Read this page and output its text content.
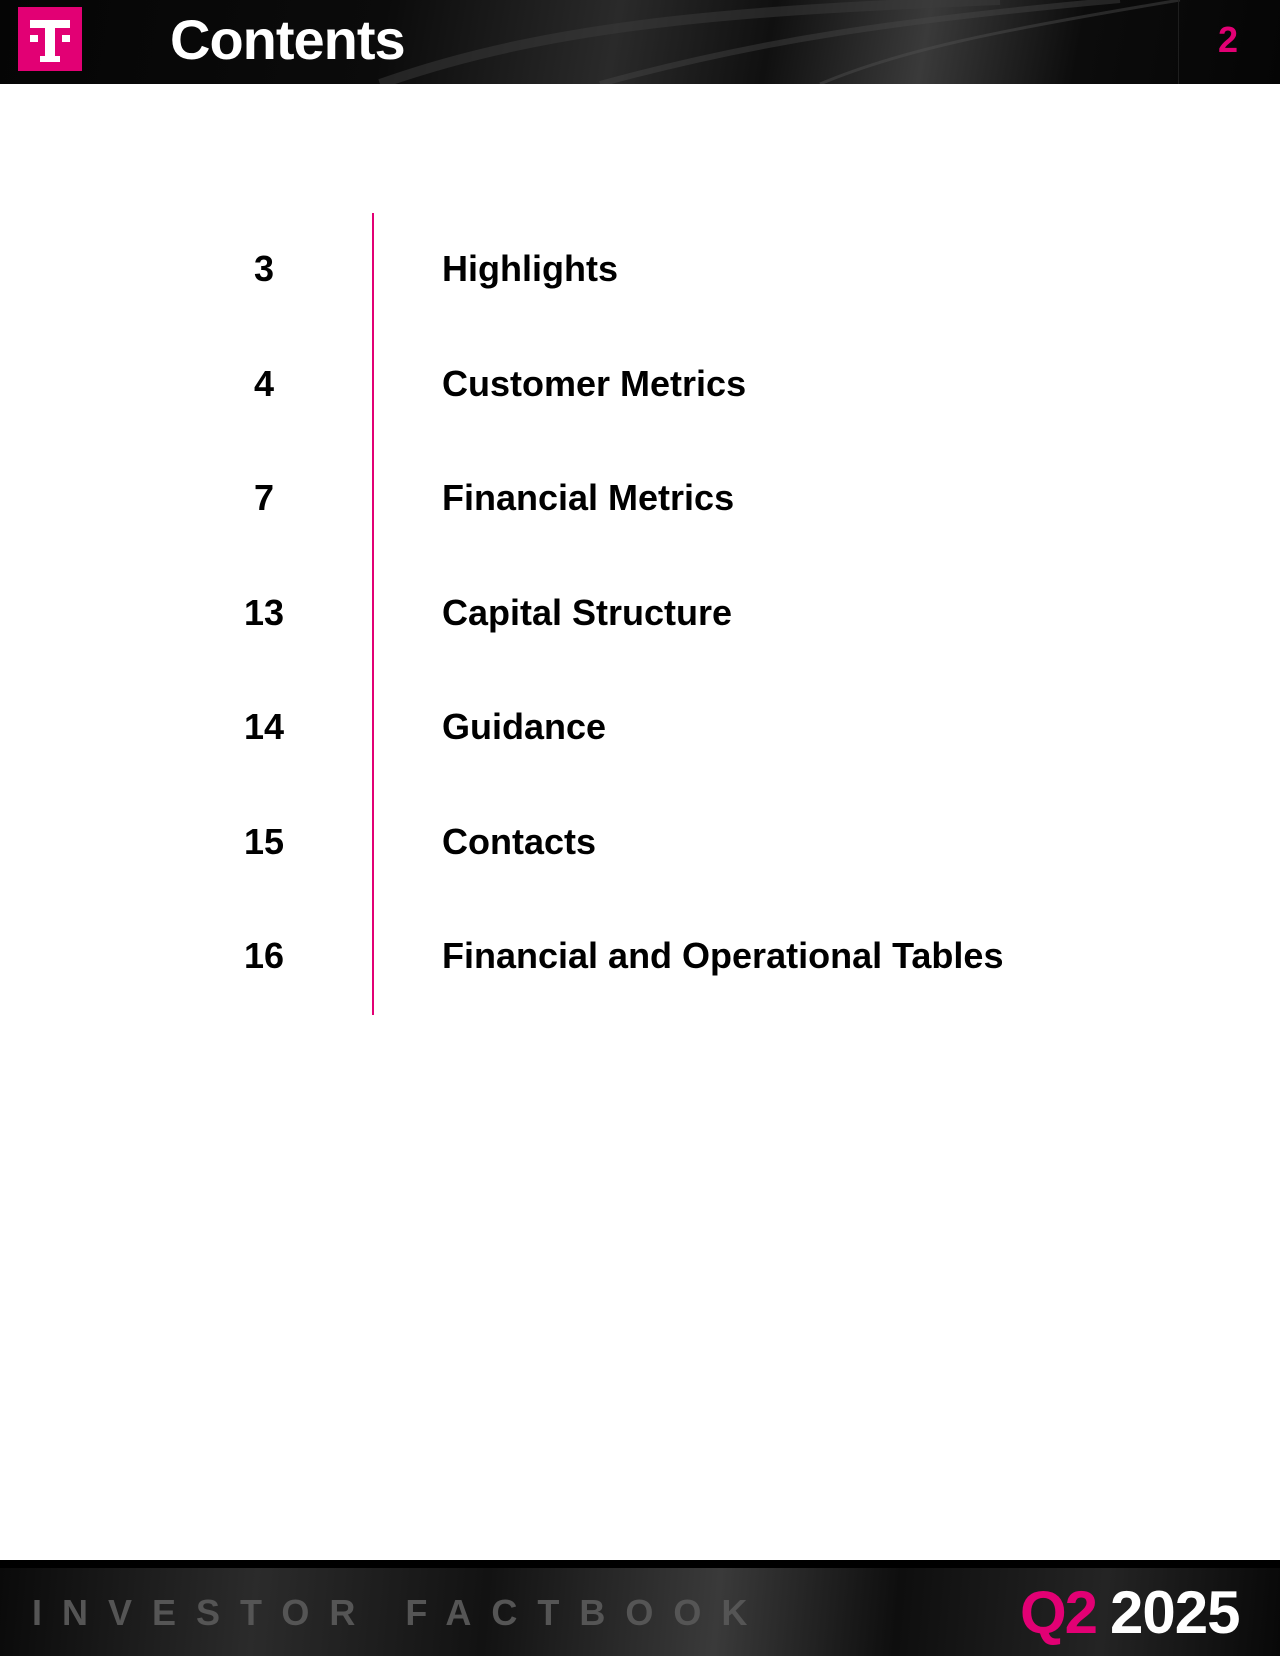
Contents	2
3	Highlights
4	Customer Metrics
7	Financial Metrics
13	Capital Structure
14	Guidance
15	Contacts
16	Financial and Operational Tables
INVESTOR FACTBOOK	Q2 2025
